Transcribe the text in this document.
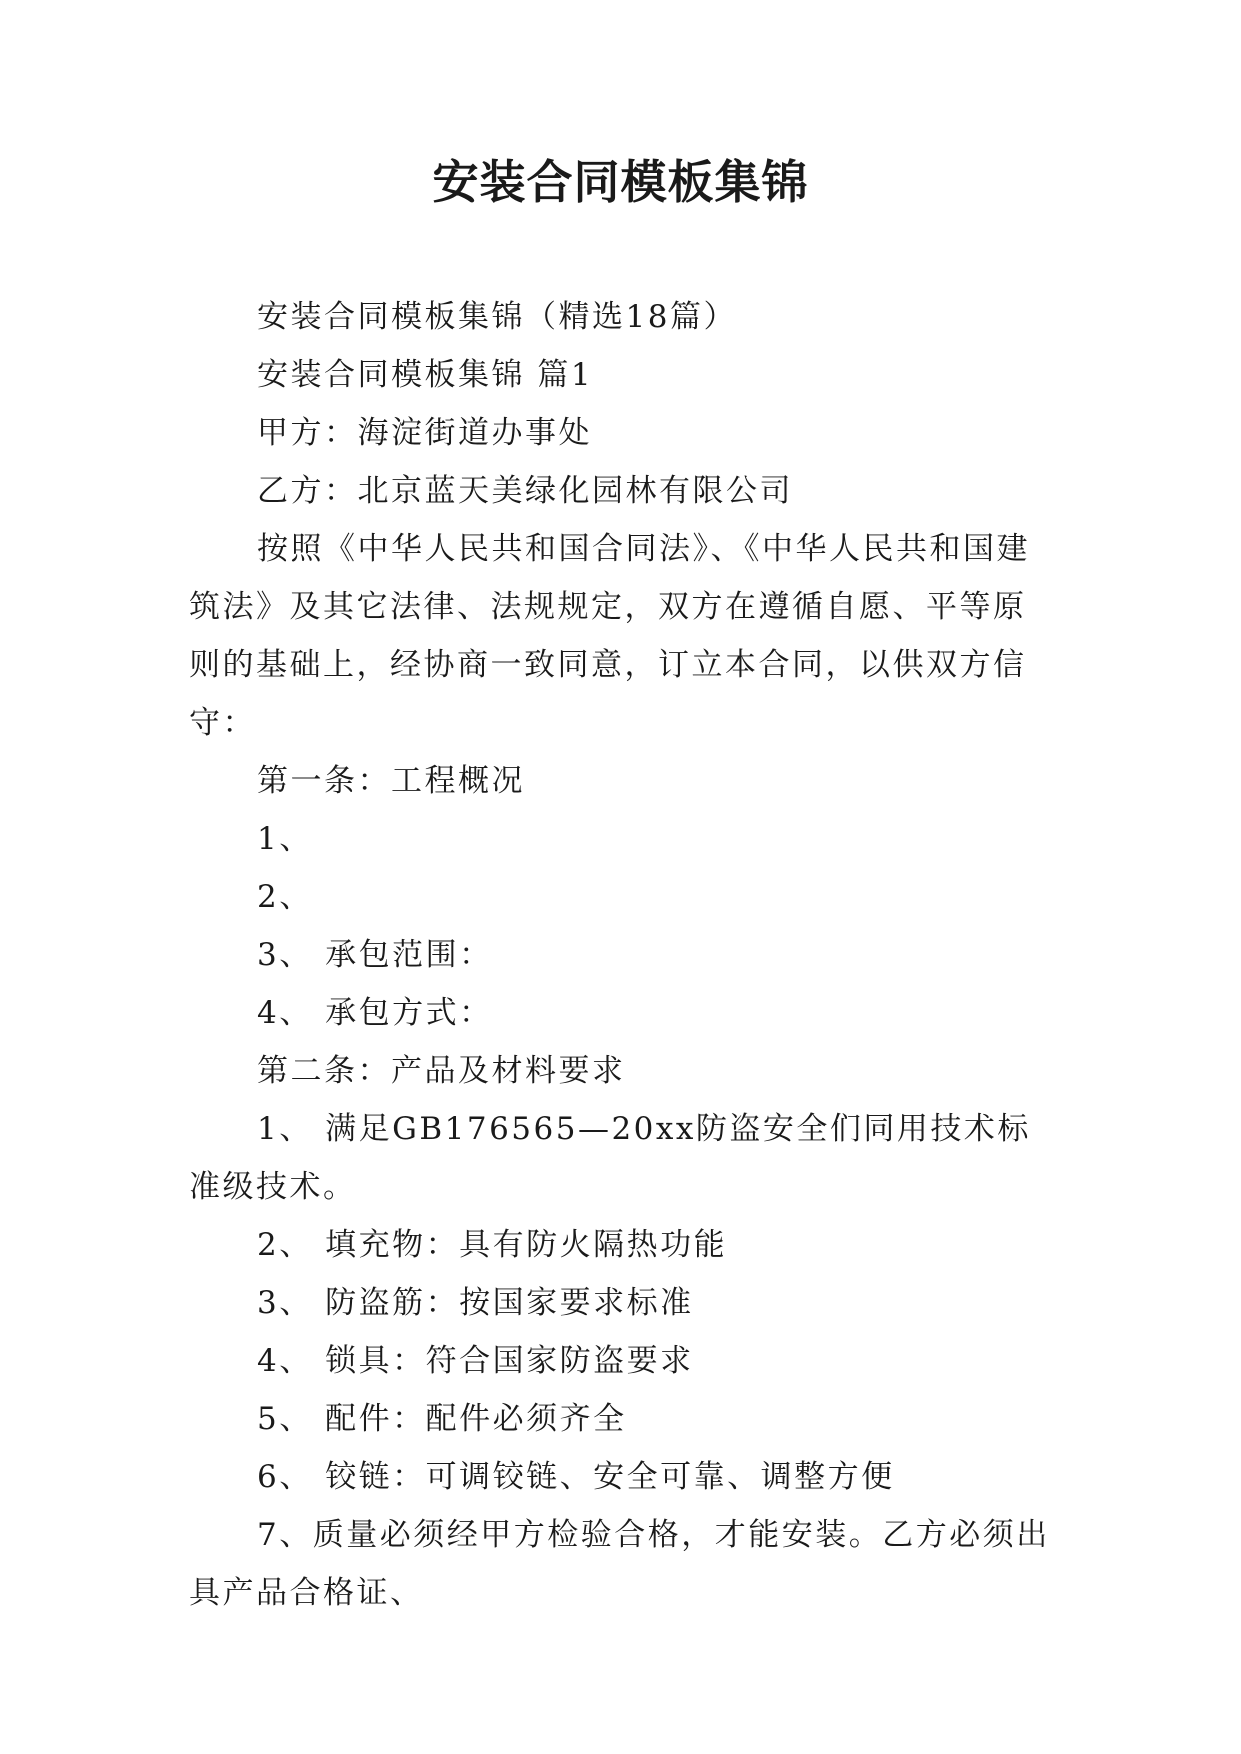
安装合同模板集锦

安装合同模板集锦（精选18篇）

安装合同模板集锦 篇1

甲方：海淀街道办事处

乙方：北京蓝天美绿化园林有限公司

按照《中华人民共和国合同法》、《中华人民共和国建筑法》及其它法律、法规规定，双方在遵循自愿、平等原则的基础上，经协商一致同意，订立本合同，以供双方信守：

第一条：工程概况

1、

2、

3、 承包范围：

4、 承包方式：

第二条：产品及材料要求

1、 满足GB176565—20xx防盗安全们同用技术标准级技术。

2、 填充物：具有防火隔热功能

3、 防盗筋：按国家要求标准

4、 锁具：符合国家防盗要求

5、 配件：配件必须齐全

6、 铰链：可调铰链、安全可靠、调整方便

7、质量必须经甲方检验合格，才能安装。乙方必须出具产品合格证、
